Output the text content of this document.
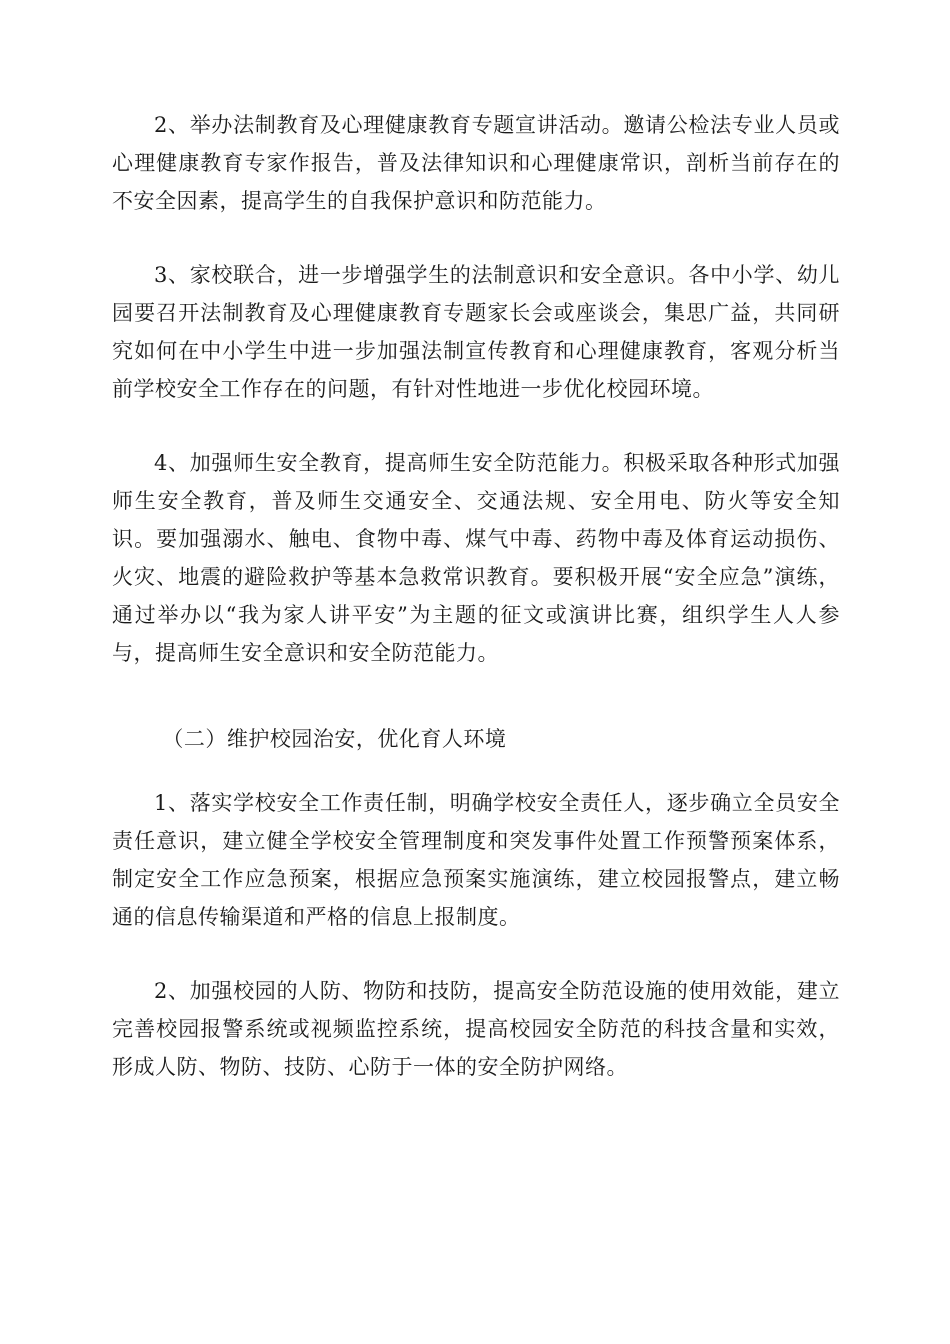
2、举办法制教育及心理健康教育专题宣讲活动。邀请公检法专业人员或心理健康教育专家作报告，普及法律知识和心理健康常识，剖析当前存在的不安全因素，提高学生的自我保护意识和防范能力。

3、家校联合，进一步增强学生的法制意识和安全意识。各中小学、幼儿园要召开法制教育及心理健康教育专题家长会或座谈会，集思广益，共同研究如何在中小学生中进一步加强法制宣传教育和心理健康教育，客观分析当前学校安全工作存在的问题，有针对性地进一步优化校园环境。

4、加强师生安全教育，提高师生安全防范能力。积极采取各种形式加强师生安全教育，普及师生交通安全、交通法规、安全用电、防火等安全知识。要加强溺水、触电、食物中毒、煤气中毒、药物中毒及体育运动损伤、火灾、地震的避险救护等基本急救常识教育。要积极开展“安全应急”演练，通过举办以“我为家人讲平安”为主题的征文或演讲比赛，组织学生人人参与，提高师生安全意识和安全防范能力。

（二）维护校园治安，优化育人环境

1、落实学校安全工作责任制，明确学校安全责任人，逐步确立全员安全责任意识，建立健全学校安全管理制度和突发事件处置工作预警预案体系，制定安全工作应急预案，根据应急预案实施演练，建立校园报警点，建立畅通的信息传输渠道和严格的信息上报制度。

2、加强校园的人防、物防和技防，提高安全防范设施的使用效能，建立完善校园报警系统或视频监控系统，提高校园安全防范的科技含量和实效，形成人防、物防、技防、心防于一体的安全防护网络。
